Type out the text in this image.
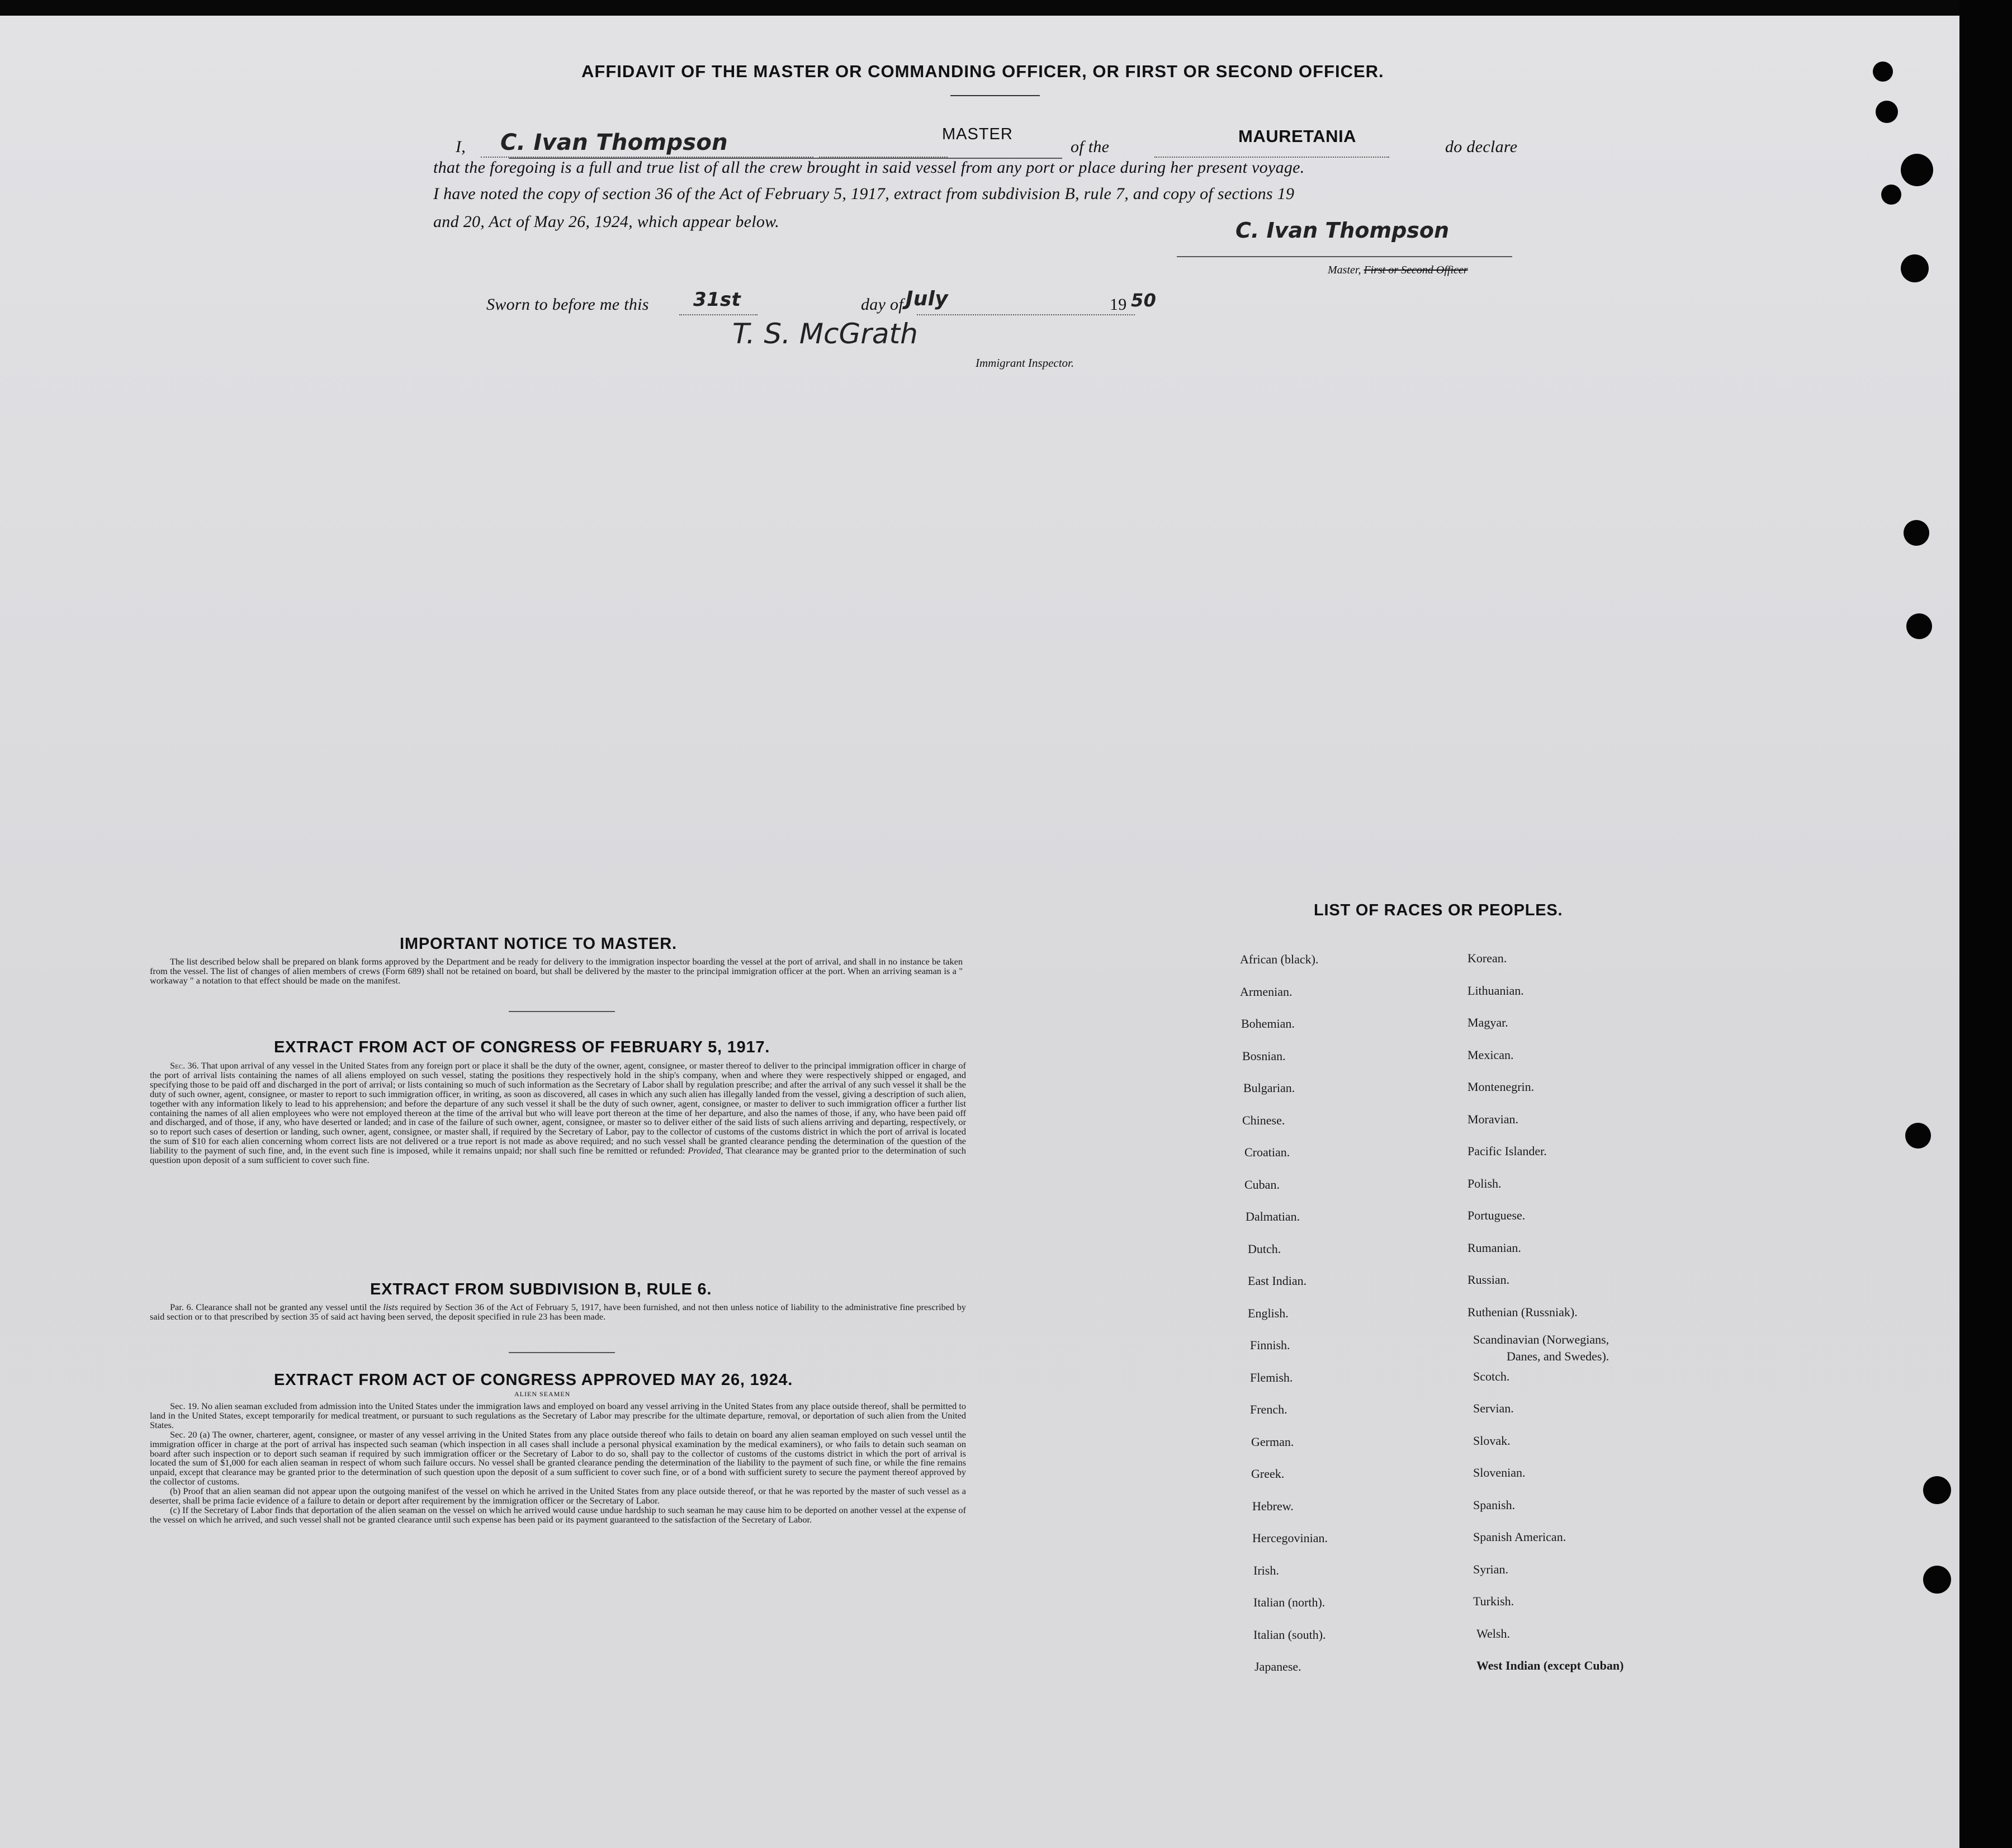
AFFIDAVIT OF THE MASTER OR COMMANDING OFFICER, OR FIRST OR SECOND OFFICER.
I, C. Ivan Thompson	MASTER
of the
MAURETANIA
do declare
that the foregoing is a full and true list of all the crew brought in said vessel from any port or place during her present voyage.
I have noted the copy of section 36 of the Act of February 5, 1917, extract from subdivision B, rule 7, and copy of sections 19
and 20, Act of May 26, 1924, which appear below.	C. Ivan Thompson
Master, First or Second Officer
Sworn to before me this 31st	day of July	19 50
T. S. McGrath
Immigrant Inspector.
IMPORTANT NOTICE TO MASTER.

The list described below shall be prepared on blank forms approved by the Department and be ready for delivery to the immigration inspector boarding the vessel at the port of arrival, and shall in no instance be taken from the vessel. The list of changes of alien members of crews (Form 689) shall not be retained on board, but shall be delivered by the master to the principal immigration officer at the port. When an arriving seaman is a " workaway " a notation to that effect should be made on the manifest.

EXTRACT FROM ACT OF CONGRESS OF FEBRUARY 5, 1917.

Sec. 36. That upon arrival of any vessel in the United States from any foreign port or place it shall be the duty of the owner, agent, consignee, or master thereof to deliver to the principal immigration officer in charge of the port of arrival lists containing the names of all aliens employed on such vessel, stating the positions they respectively hold in the ship's company, when and where they were respectively shipped or engaged, and specifying those to be paid off and discharged in the port of arrival; or lists containing so much of such information as the Secretary of Labor shall by regulation prescribe; and after the arrival of any such vessel it shall be the duty of such owner, agent, consignee, or master to report to such immigration officer, in writing, as soon as discovered, all cases in which any such alien has illegally landed from the vessel, giving a description of such alien, together with any information likely to lead to his apprehension; and before the departure of any such vessel it shall be the duty of such owner, agent, consignee, or master to deliver to such immigration officer a further list containing the names of all alien employees who were not employed thereon at the time of the arrival but who will leave port thereon at the time of her departure, and also the names of those, if any, who have been paid off and discharged, and of those, if any, who have deserted or landed; and in case of the failure of such owner, agent, consignee, or master so to deliver either of the said lists of such aliens arriving and departing, respectively, or so to report such cases of desertion or landing, such owner, agent, consignee, or master shall, if required by the Secretary of Labor, pay to the collector of customs of the customs district in which the port of arrival is located the sum of $10 for each alien concerning whom correct lists are not delivered or a true report is not made as above required; and no such vessel shall be granted clearance pending the determination of the question of the liability to the payment of such fine, and, in the event such fine is imposed, while it remains unpaid; nor shall such fine be remitted or refunded: Provided, That clearance may be granted prior to the determination of such question upon deposit of a sum sufficient to cover such fine.

EXTRACT FROM SUBDIVISION B, RULE 6.

Par. 6. Clearance shall not be granted any vessel until the lists required by Section 36 of the Act of February 5, 1917, have been furnished, and not then unless notice of liability to the administrative fine prescribed by said section or to that prescribed by section 35 of said act having been served, the deposit specified in rule 23 has been made.

EXTRACT FROM ACT OF CONGRESS APPROVED MAY 26, 1924.
ALIEN SEAMEN

Sec. 19. No alien seaman excluded from admission into the United States under the immigration laws and employed on board any vessel arriving in the United States from any place outside thereof, shall be permitted to land in the United States, except temporarily for medical treatment, or pursuant to such regulations as the Secretary of Labor may prescribe for the ultimate departure, removal, or deportation of such alien from the United States.

Sec. 20 (a) The owner, charterer, agent, consignee, or master of any vessel arriving in the United States from any place outside thereof who fails to detain on board any alien seaman employed on such vessel until the immigration officer in charge at the port of arrival has inspected such seaman (which inspection in all cases shall include a personal physical examination by the medical examiners), or who fails to detain such seaman on board after such inspection or to deport such seaman if required by such immigration officer or the Secretary of Labor to do so, shall pay to the collector of customs of the customs district in which the port of arrival is located the sum of $1,000 for each alien seaman in respect of whom such failure occurs. No vessel shall be granted clearance pending the determination of the liability to the payment of such fine, or while the fine remains unpaid, except that clearance may be granted prior to the determination of such question upon the deposit of a sum sufficient to cover such fine, or of a bond with sufficient surety to secure the payment thereof approved by the collector of customs.

(b) Proof that an alien seaman did not appear upon the outgoing manifest of the vessel on which he arrived in the United States from any place outside thereof, or that he was reported by the master of such vessel as a deserter, shall be prima facie evidence of a failure to detain or deport after requirement by the immigration officer or the Secretary of Labor.

(c) If the Secretary of Labor finds that deportation of the alien seaman on the vessel on which he arrived would cause undue hardship to such seaman he may cause him to be deported on another vessel at the expense of the vessel on which he arrived, and such vessel shall not be granted clearance until such expense has been paid or its payment guaranteed to the satisfaction of the Secretary of Labor.

LIST OF RACES OR PEOPLES.
Danes, and Swedes).
African (black).
Armenian.
Bohemian.
Bosnian.
Bulgarian.
Chinese.
Croatian.
Cuban.
Dalmatian.
Dutch.
East Indian.
English.
Finnish.
Flemish.
French.
German.
Greek.
Hebrew.
Hercegovinian.
Irish.
Italian (north).
Italian (south).
Japanese.
Korean.
Lithuanian.
Magyar.
Mexican.
Montenegrin.
Moravian.
Pacific Islander.
Polish.
Portuguese.
Rumanian.
Russian.
Ruthenian (Russniak).
Scandinavian (Norwegians,
Scotch.
Servian.
Slovak.
Slovenian.
Spanish.
Spanish American.
Syrian.
Turkish.
Welsh.
West Indian (except Cuban)
